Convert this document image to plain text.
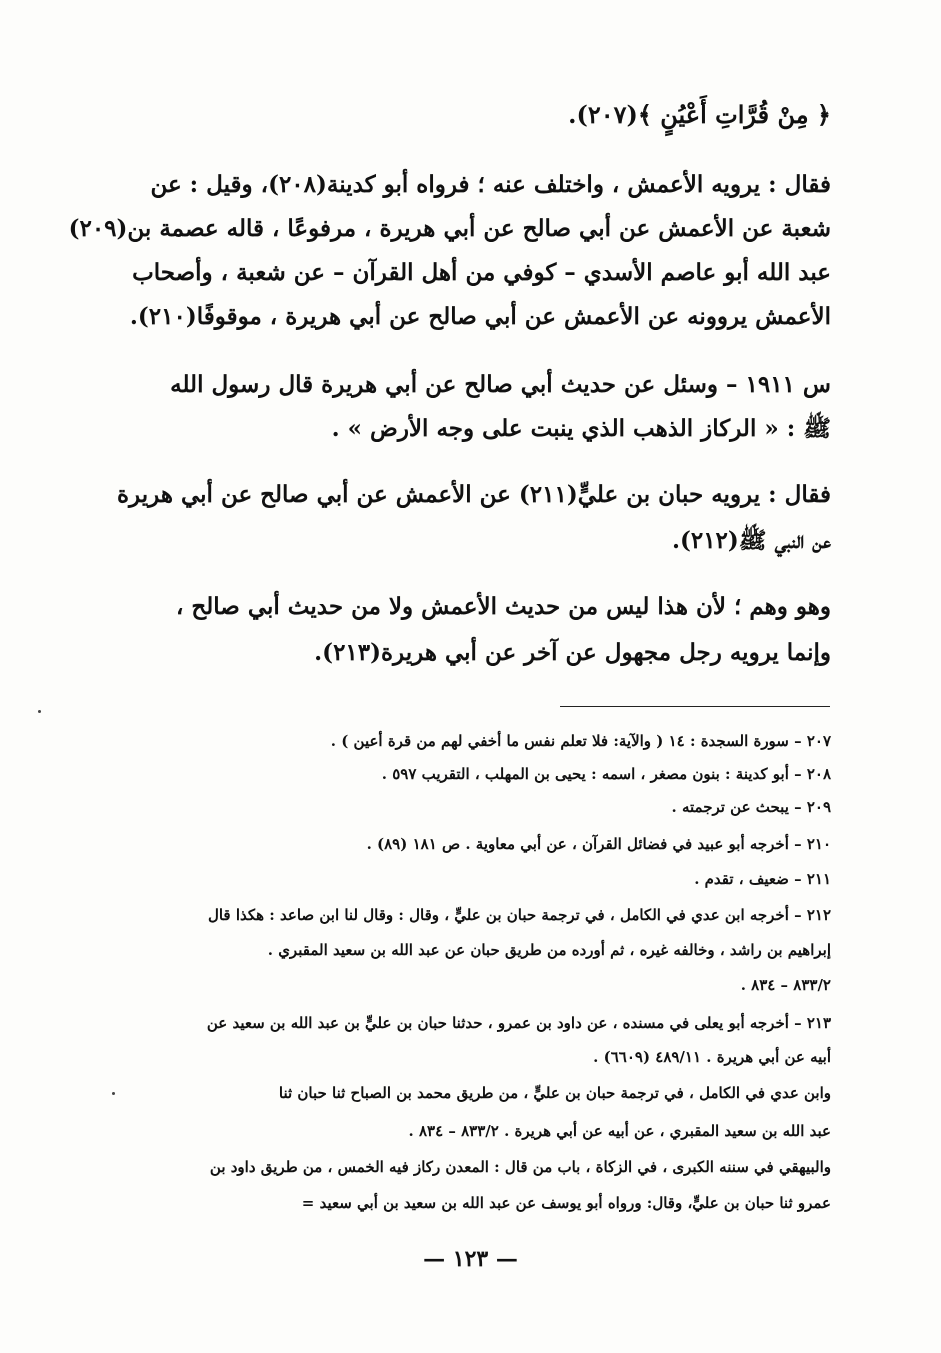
﴿ مِنْ قُرَّاتِ أَعْيُنٍ ﴾(٢٠٧).
فقال : يرويه الأعمش ، واختلف عنه ؛ فرواه أبو كدينة(٢٠٨)، وقيل : عن
شعبة عن الأعمش عن أبي صالح عن أبي هريرة ، مرفوعًا ، قاله عصمة بن(٢٠٩)
عبد الله أبو عاصم الأسدي – كوفي من أهل القرآن – عن شعبة ، وأصحاب
الأعمش يروونه عن الأعمش عن أبي صالح عن أبي هريرة ، موقوفًا(٢١٠).
س ١٩١١ – وسئل عن حديث أبي صالح عن أبي هريرة قال رسول الله
ﷺ : « الركاز الذهب الذي ينبت على وجه الأرض » .
فقال : يرويه حبان بن عليٍّ(٢١١) عن الأعمش عن أبي صالح عن أبي هريرة
عن النبي ﷺ(٢١٢).
وهو وهم ؛ لأن هذا ليس من حديث الأعمش ولا من حديث أبي صالح ،
وإنما يرويه رجل مجهول عن آخر عن أبي هريرة(٢١٣).
٢٠٧ – سورة السجدة : ١٤ ( والآية: فلا تعلم نفس ما أخفي لهم من قرة أعين ) .
٢٠٨ – أبو كدينة : بنون مصغر ، اسمه : يحيى بن المهلب ، التقريب ٥٩٧ .
٢٠٩ – يبحث عن ترجمته .
٢١٠ – أخرجه أبو عبيد في فضائل القرآن ، عن أبي معاوية . ص ١٨١ (٨٩) .
٢١١ – ضعيف ، تقدم .
٢١٢ – أخرجه ابن عدي في الكامل ، في ترجمة حبان بن عليٍّ ، وقال : وقال لنا ابن صاعد : هكذا قال
إبراهيم بن راشد ، وخالفه غيره ، ثم أورده من طريق حبان عن عبد الله بن سعيد المقبري .
٨٣٣/٢ – ٨٣٤ .
٢١٣ – أخرجه أبو يعلى في مسنده ، عن داود بن عمرو ، حدثنا حبان بن عليٍّ بن عبد الله بن سعيد عن
أبيه عن أبي هريرة . ٤٨٩/١١ (٦٦٠٩) .
وابن عدي في الكامل ، في ترجمة حبان بن عليٍّ ، من طريق محمد بن الصباح ثنا حبان ثنا
عبد الله بن سعيد المقبري ، عن أبيه عن أبي هريرة . ٨٣٣/٢ – ٨٣٤ .
والبيهقي في سننه الكبرى ، في الزكاة ، باب من قال : المعدن ركاز فيه الخمس ، من طريق داود بن
عمرو ثنا حبان بن عليٍّ، وقال: ورواه أبو يوسف عن عبد الله بن سعيد بن أبي سعيد =
— ١٢٣ —
